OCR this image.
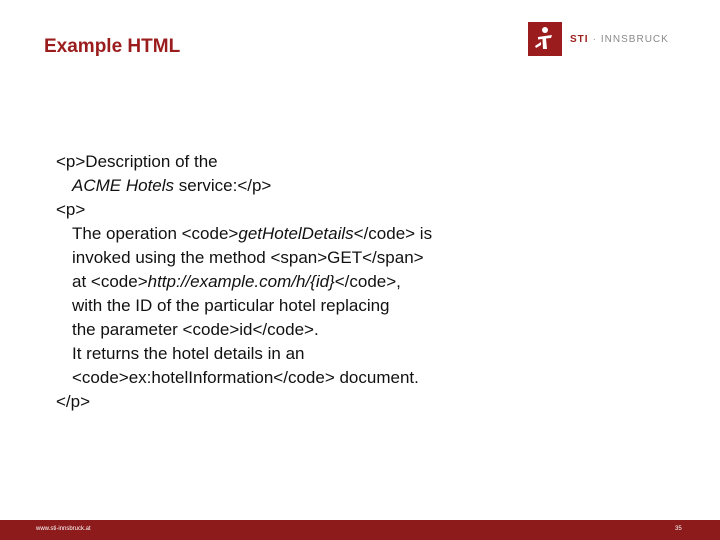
Example HTML	STI · INNSBRUCK
<p>Description of the
ACME Hotels service:</p>
<p>
The operation <code>getHotelDetails</code> is
invoked using the method <span>GET</span>
at <code>http://example.com/h/{id}</code>,
with the ID of the particular hotel replacing
the parameter <code>id</code>.
It returns the hotel details in an
<code>ex:hotelInformation</code> document.
</p>
www.sti-innsbruck.at	35
